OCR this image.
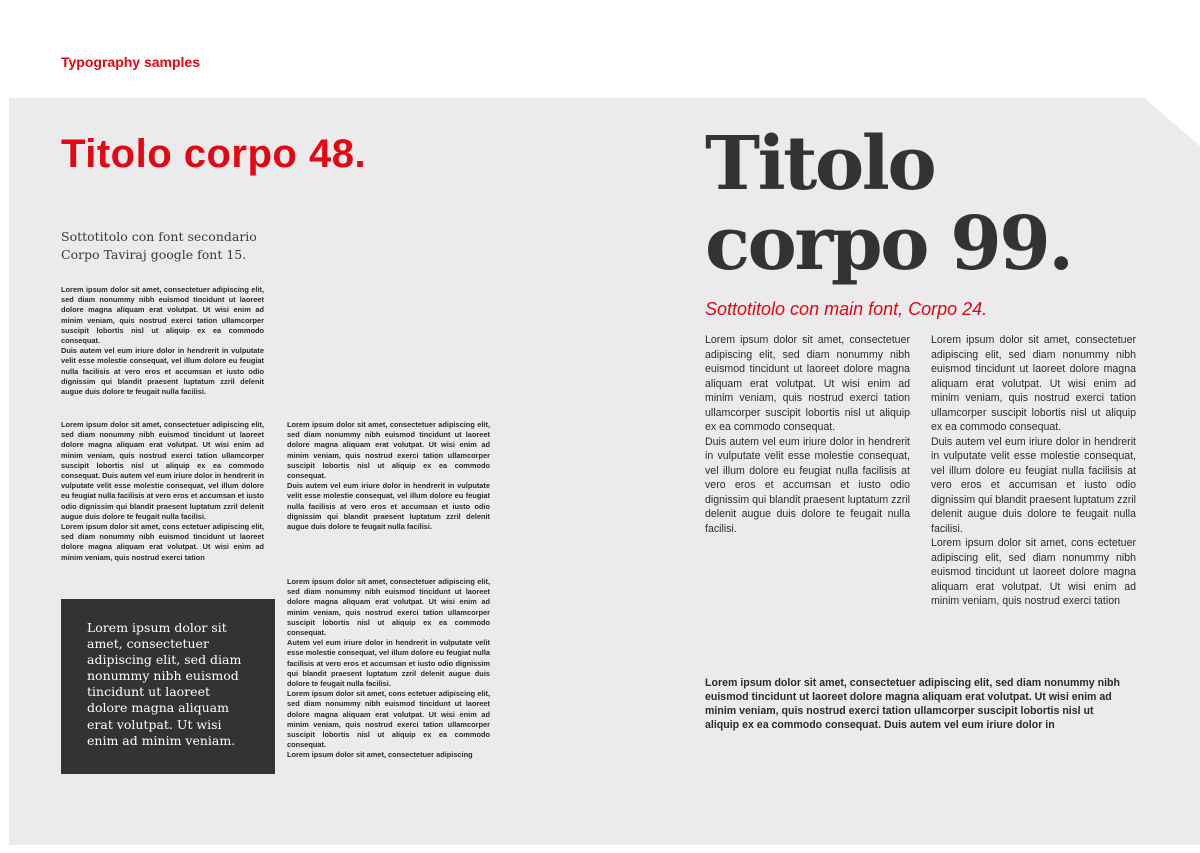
Typography samples
Titolo corpo 48.
Sottotitolo con font secondario
Corpo Taviraj google font 15.

Lorem ipsum dolor sit amet, consectetuer adipiscing elit, sed diam nonummy nibh euismod tincidunt ut laoreet dolore magna aliquam erat volutpat. Ut wisi enim ad minim veniam, quis nostrud exerci tation ullamcorper suscipit lobortis nisl ut aliquip ex ea commodo consequat.

Duis autem vel eum iriure dolor in hendrerit in vulputate velit esse molestie consequat, vel illum dolore eu feugiat nulla facilisis at vero eros et accumsan et iusto odio dignissim qui blandit praesent luptatum zzril delenit augue duis dolore te feugait nulla facilisi.

Lorem ipsum dolor sit amet, consectetuer adipiscing elit, sed diam nonummy nibh euismod tincidunt ut laoreet dolore magna aliquam erat volutpat. Ut wisi enim ad minim veniam, quis nostrud exerci tation ullamcorper suscipit lobortis nisl ut aliquip ex ea commodo consequat. Duis autem vel eum iriure dolor in hendrerit in vulputate velit esse molestie consequat, vel illum dolore eu feugiat nulla facilisis at vero eros et accumsan et iusto odio dignissim qui blandit praesent luptatum zzril delenit augue duis dolore te feugait nulla facilisi.

Lorem ipsum dolor sit amet, cons ectetuer adipiscing elit, sed diam nonummy nibh euismod tincidunt ut laoreet dolore magna aliquam erat volutpat. Ut wisi enim ad minim veniam, quis nostrud exerci tation

Lorem ipsum dolor sit amet, consectetuer adipiscing elit, sed diam nonummy nibh euismod tincidunt ut laoreet dolore magna aliquam erat volutpat. Ut wisi enim ad minim veniam, quis nostrud exerci tation ullamcorper suscipit lobortis nisl ut aliquip ex ea commodo consequat.

Duis autem vel eum iriure dolor in hendrerit in vulputate velit esse molestie consequat, vel illum dolore eu feugiat nulla facilisis at vero eros et accumsan et iusto odio dignissim qui blandit praesent luptatum zzril delenit augue duis dolore te feugait nulla facilisi.

Lorem ipsum dolor sit amet, consectetuer adipiscing elit, sed diam nonummy nibh euismod tincidunt ut laoreet dolore magna aliquam erat volutpat. Ut wisi enim ad minim veniam, quis nostrud exerci tation ullamcorper suscipit lobortis nisl ut aliquip ex ea commodo consequat.

Autem vel eum iriure dolor in hendrerit in vulputate velit esse molestie consequat, vel illum dolore eu feugiat nulla facilisis at vero eros et accumsan et iusto odio dignissim qui blandit praesent luptatum zzril delenit augue duis dolore te feugait nulla facilisi.

Lorem ipsum dolor sit amet, cons ectetuer adipiscing elit, sed diam nonummy nibh euismod tincidunt ut laoreet dolore magna aliquam erat volutpat. Ut wisi enim ad minim veniam, quis nostrud exerci tation ullamcorper suscipit lobortis nisl ut aliquip ex ea commodo consequat.

Lorem ipsum dolor sit amet, consectetuer adipiscing

Lorem ipsum dolor sit amet, consectetuer adipiscing elit, sed diam nonummy nibh euismod tincidunt ut laoreet dolore magna aliquam erat volutpat. Ut wisi enim ad minim veniam.

Titolo
corpo 99.

Sottotitolo con main font, Corpo 24.

Lorem ipsum dolor sit amet, consectetuer adipiscing elit, sed diam nonummy nibh euismod tincidunt ut laoreet dolore magna aliquam erat volutpat. Ut wisi enim ad minim veniam, quis nostrud exerci tation ullamcorper suscipit lobortis nisl ut aliquip ex ea commodo consequat.

Duis autem vel eum iriure dolor in hendrerit in vulputate velit esse molestie consequat, vel illum dolore eu feugiat nulla facilisis at vero eros et accumsan et iusto odio dignissim qui blandit praesent luptatum zzril delenit augue duis dolore te feugait nulla facilisi.

Lorem ipsum dolor sit amet, consectetuer adipiscing elit, sed diam nonummy nibh euismod tincidunt ut laoreet dolore magna aliquam erat volutpat. Ut wisi enim ad minim veniam, quis nostrud exerci tation ullamcorper suscipit lobortis nisl ut aliquip ex ea commodo consequat.

Duis autem vel eum iriure dolor in hendrerit in vulputate velit esse molestie consequat, vel illum dolore eu feugiat nulla facilisis at vero eros et accumsan et iusto odio dignissim qui blandit praesent luptatum zzril delenit augue duis dolore te feugait nulla facilisi.

Lorem ipsum dolor sit amet, cons ectetuer adipiscing elit, sed diam nonummy nibh euismod tincidunt ut laoreet dolore magna aliquam erat volutpat. Ut wisi enim ad minim veniam, quis nostrud exerci tation

Lorem ipsum dolor sit amet, consectetuer adipiscing elit, sed diam nonummy nibh euismod tincidunt ut laoreet dolore magna aliquam erat volutpat. Ut wisi enim ad minim veniam, quis nostrud exerci tation ullamcorper suscipit lobortis nisl ut aliquip ex ea commodo consequat. Duis autem vel eum iriure dolor in
